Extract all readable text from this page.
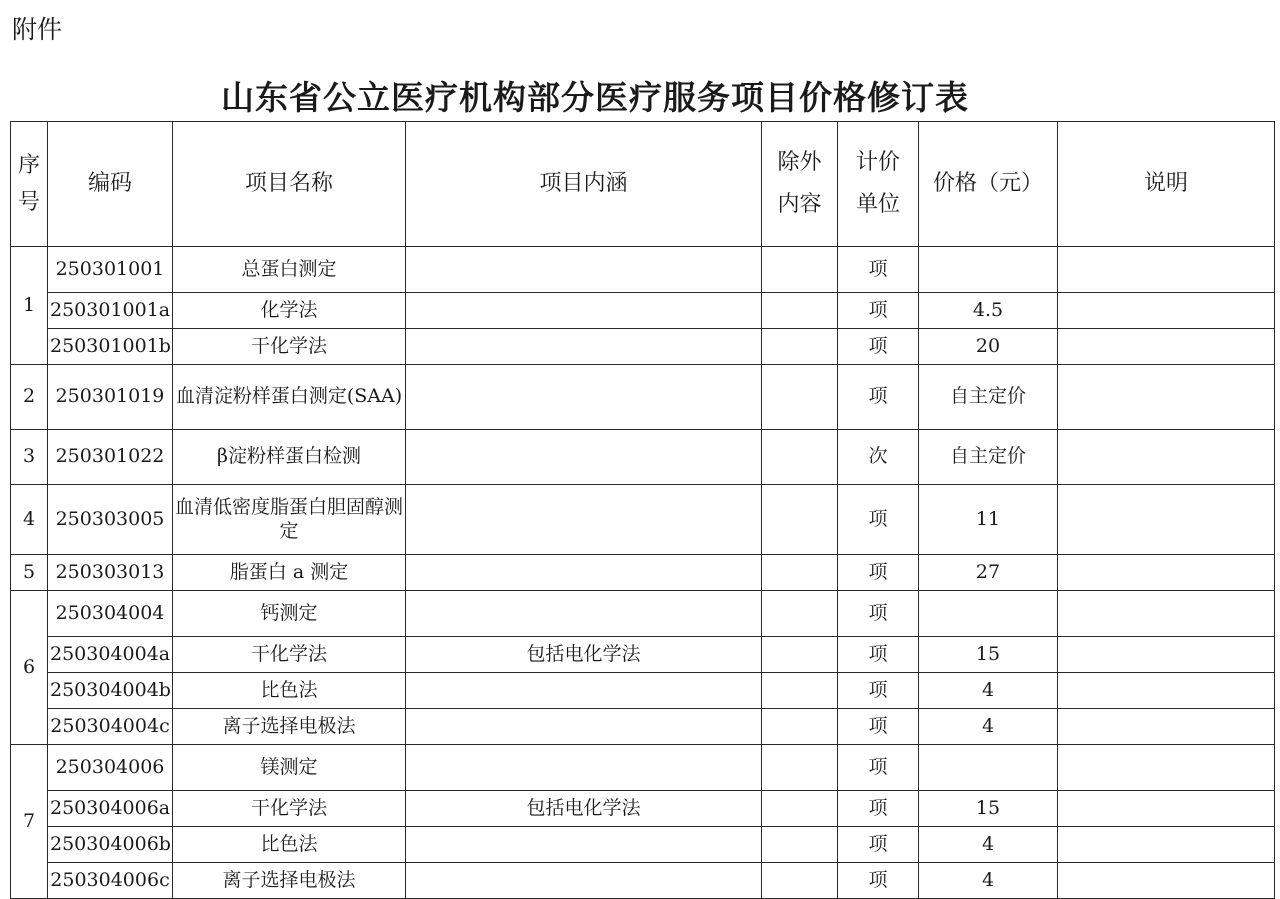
附件
山东省公立医疗机构部分医疗服务项目价格修订表
序号	编码	项目名称	项目内涵	除外内容	计价单位	价格（元）	说明
1	250301001	总蛋白测定			项		
	250301001a	化学法			项	4.5	
	250301001b	干化学法			项	20	
2	250301019	血清淀粉样蛋白测定(SAA)			项	自主定价	
3	250301022	β淀粉样蛋白检测			次	自主定价	
4	250303005	血清低密度脂蛋白胆固醇测定			项	11	
5	250303013	脂蛋白 a 测定			项	27	
6	250304004	钙测定			项		
	250304004a	干化学法	包括电化学法		项	15	
	250304004b	比色法			项	4	
	250304004c	离子选择电极法			项	4	
7	250304006	镁测定			项		
	250304006a	干化学法	包括电化学法		项	15	
	250304006b	比色法			项	4	
	250304006c	离子选择电极法			项	4	
